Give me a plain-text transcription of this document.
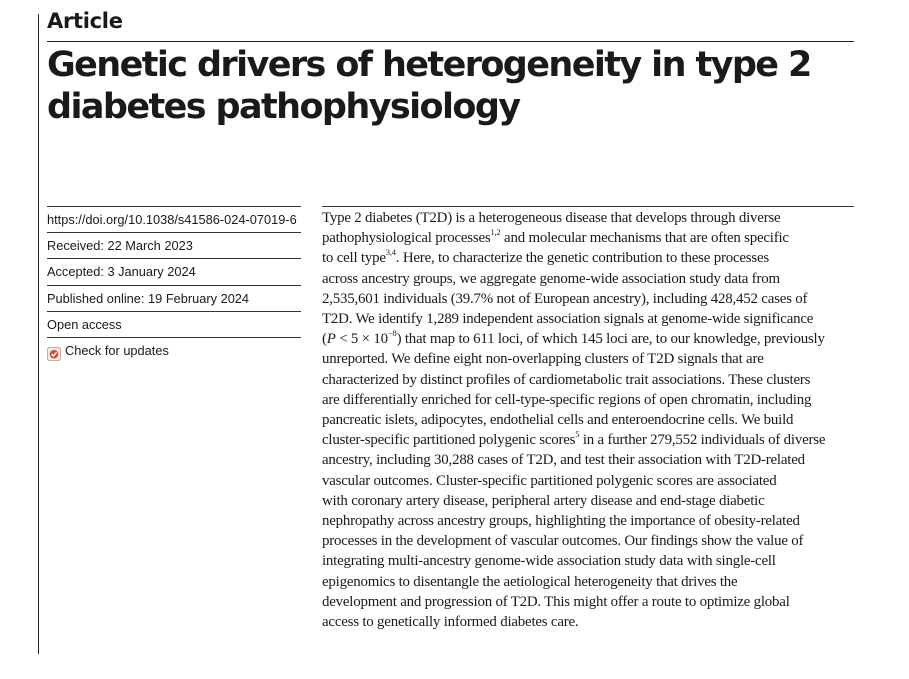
Article
Genetic drivers of heterogeneity in type 2
diabetes pathophysiology
https://doi.org/10.1038/s41586-024-07019-6
Received: 22 March 2023
Accepted: 3 January 2024
Published online: 19 February 2024
Open access
Check for updates

Type 2 diabetes (T2D) is a heterogeneous disease that develops through diverse
pathophysiological processes$^{1,2}$ and molecular mechanisms that are often specific
to cell type$^{3,4}$. Here, to characterize the genetic contribution to these processes
across ancestry groups, we aggregate genome-wide association study data from
2,535,601 individuals (39.7% not of European ancestry), including 428,452 cases of
T2D. We identify 1,289 independent association signals at genome-wide significance
$(P < 5 \times 10^{-8})$ that map to 611 loci, of which 145 loci are, to our knowledge, previously
unreported. We define eight non-overlapping clusters of T2D signals that are
characterized by distinct profiles of cardiometabolic trait associations. These clusters
are differentially enriched for cell-type-specific regions of open chromatin, including
pancreatic islets, adipocytes, endothelial cells and enteroendocrine cells. We build
cluster-specific partitioned polygenic scores$^5$ in a further 279,552 individuals of diverse
ancestry, including 30,288 cases of T2D, and test their association with T2D-related
vascular outcomes. Cluster-specific partitioned polygenic scores are associated
with coronary artery disease, peripheral artery disease and end-stage diabetic
nephropathy across ancestry groups, highlighting the importance of obesity-related
processes in the development of vascular outcomes. Our findings show the value of
integrating multi-ancestry genome-wide association study data with single-cell
epigenomics to disentangle the aetiological heterogeneity that drives the
development and progression of T2D. This might offer a route to optimize global
access to genetically informed diabetes care.
